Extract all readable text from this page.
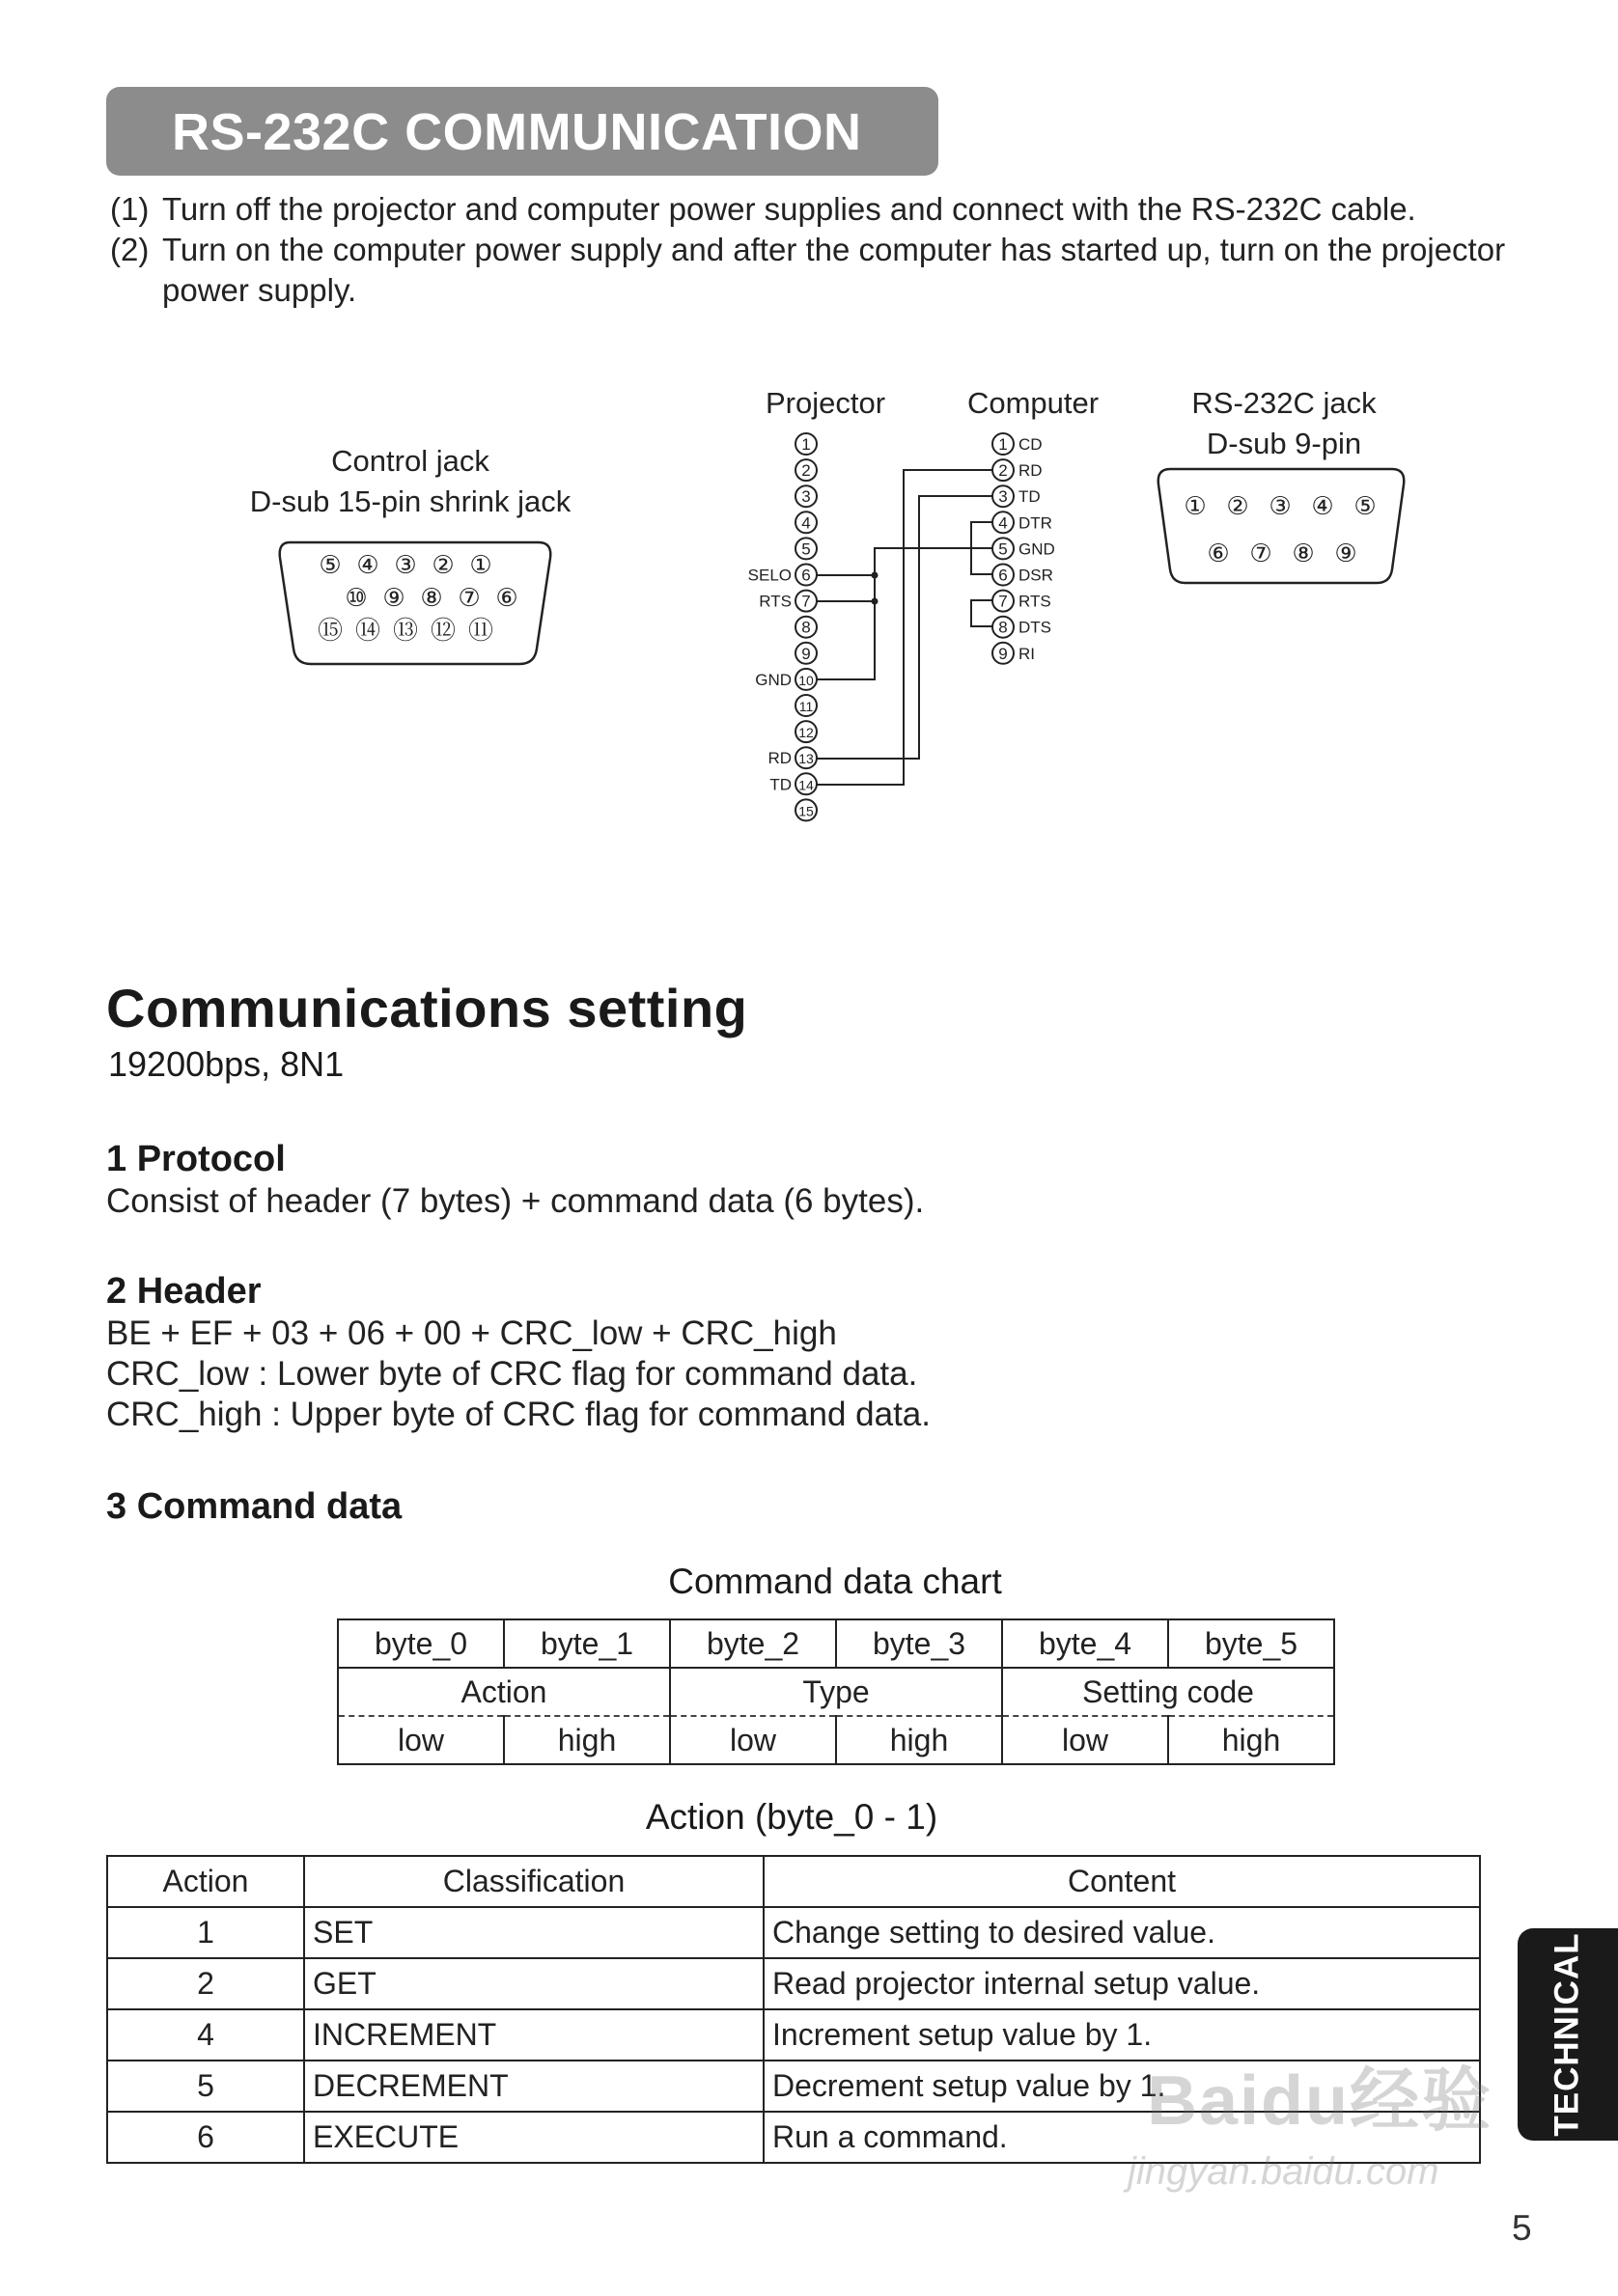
RS-232C COMMUNICATION
(1) Turn off the projector and computer power supplies and connect with the RS-232C cable.
(2) Turn on the computer power supply and after the computer has started up, turn on the projector power supply.
Control jack
D-sub 15-pin shrink jack
Projector	Computer	RS-232C jack
D-sub 9-pin
⑤ ④ ③ ② ①
⑩ ⑨ ⑧ ⑦ ⑥
⑮ ⑭ ⑬ ⑫ ⑪
① ② ③ ④ ⑤
⑥ ⑦ ⑧ ⑨
1
2
3
4
5
6
SELO
7
RTS
8
9
10
GND
11
12
13
RD
14
TD
15
1 CD
2 RD
3 TD
4 DTR
5 GND
6 DSR
7 RTS
8 DTS
9 RI
Communications setting
19200bps, 8N1
1 Protocol
Consist of header (7 bytes) + command data (6 bytes).
2 Header
BE + EF + 03 + 06 + 00 + CRC_low + CRC_high
CRC_low : Lower byte of CRC flag for command data.
CRC_high : Upper byte of CRC flag for command data.
3 Command data
Command data chart
byte_0	byte_1	byte_2	byte_3	byte_4	byte_5
Action		Type		Setting code	
low	high	low	high	low	high
Action (byte_0 - 1)
Action	Classification	Content
1	SET	Change setting to desired value.
2	GET	Read projector internal setup value.
4	INCREMENT	Increment setup value by 1.
5	DECREMENT	Decrement setup value by 1.
6	EXECUTE	Run a command.
TECHNICAL
Baidu经验
jingyan.baidu.com
5
